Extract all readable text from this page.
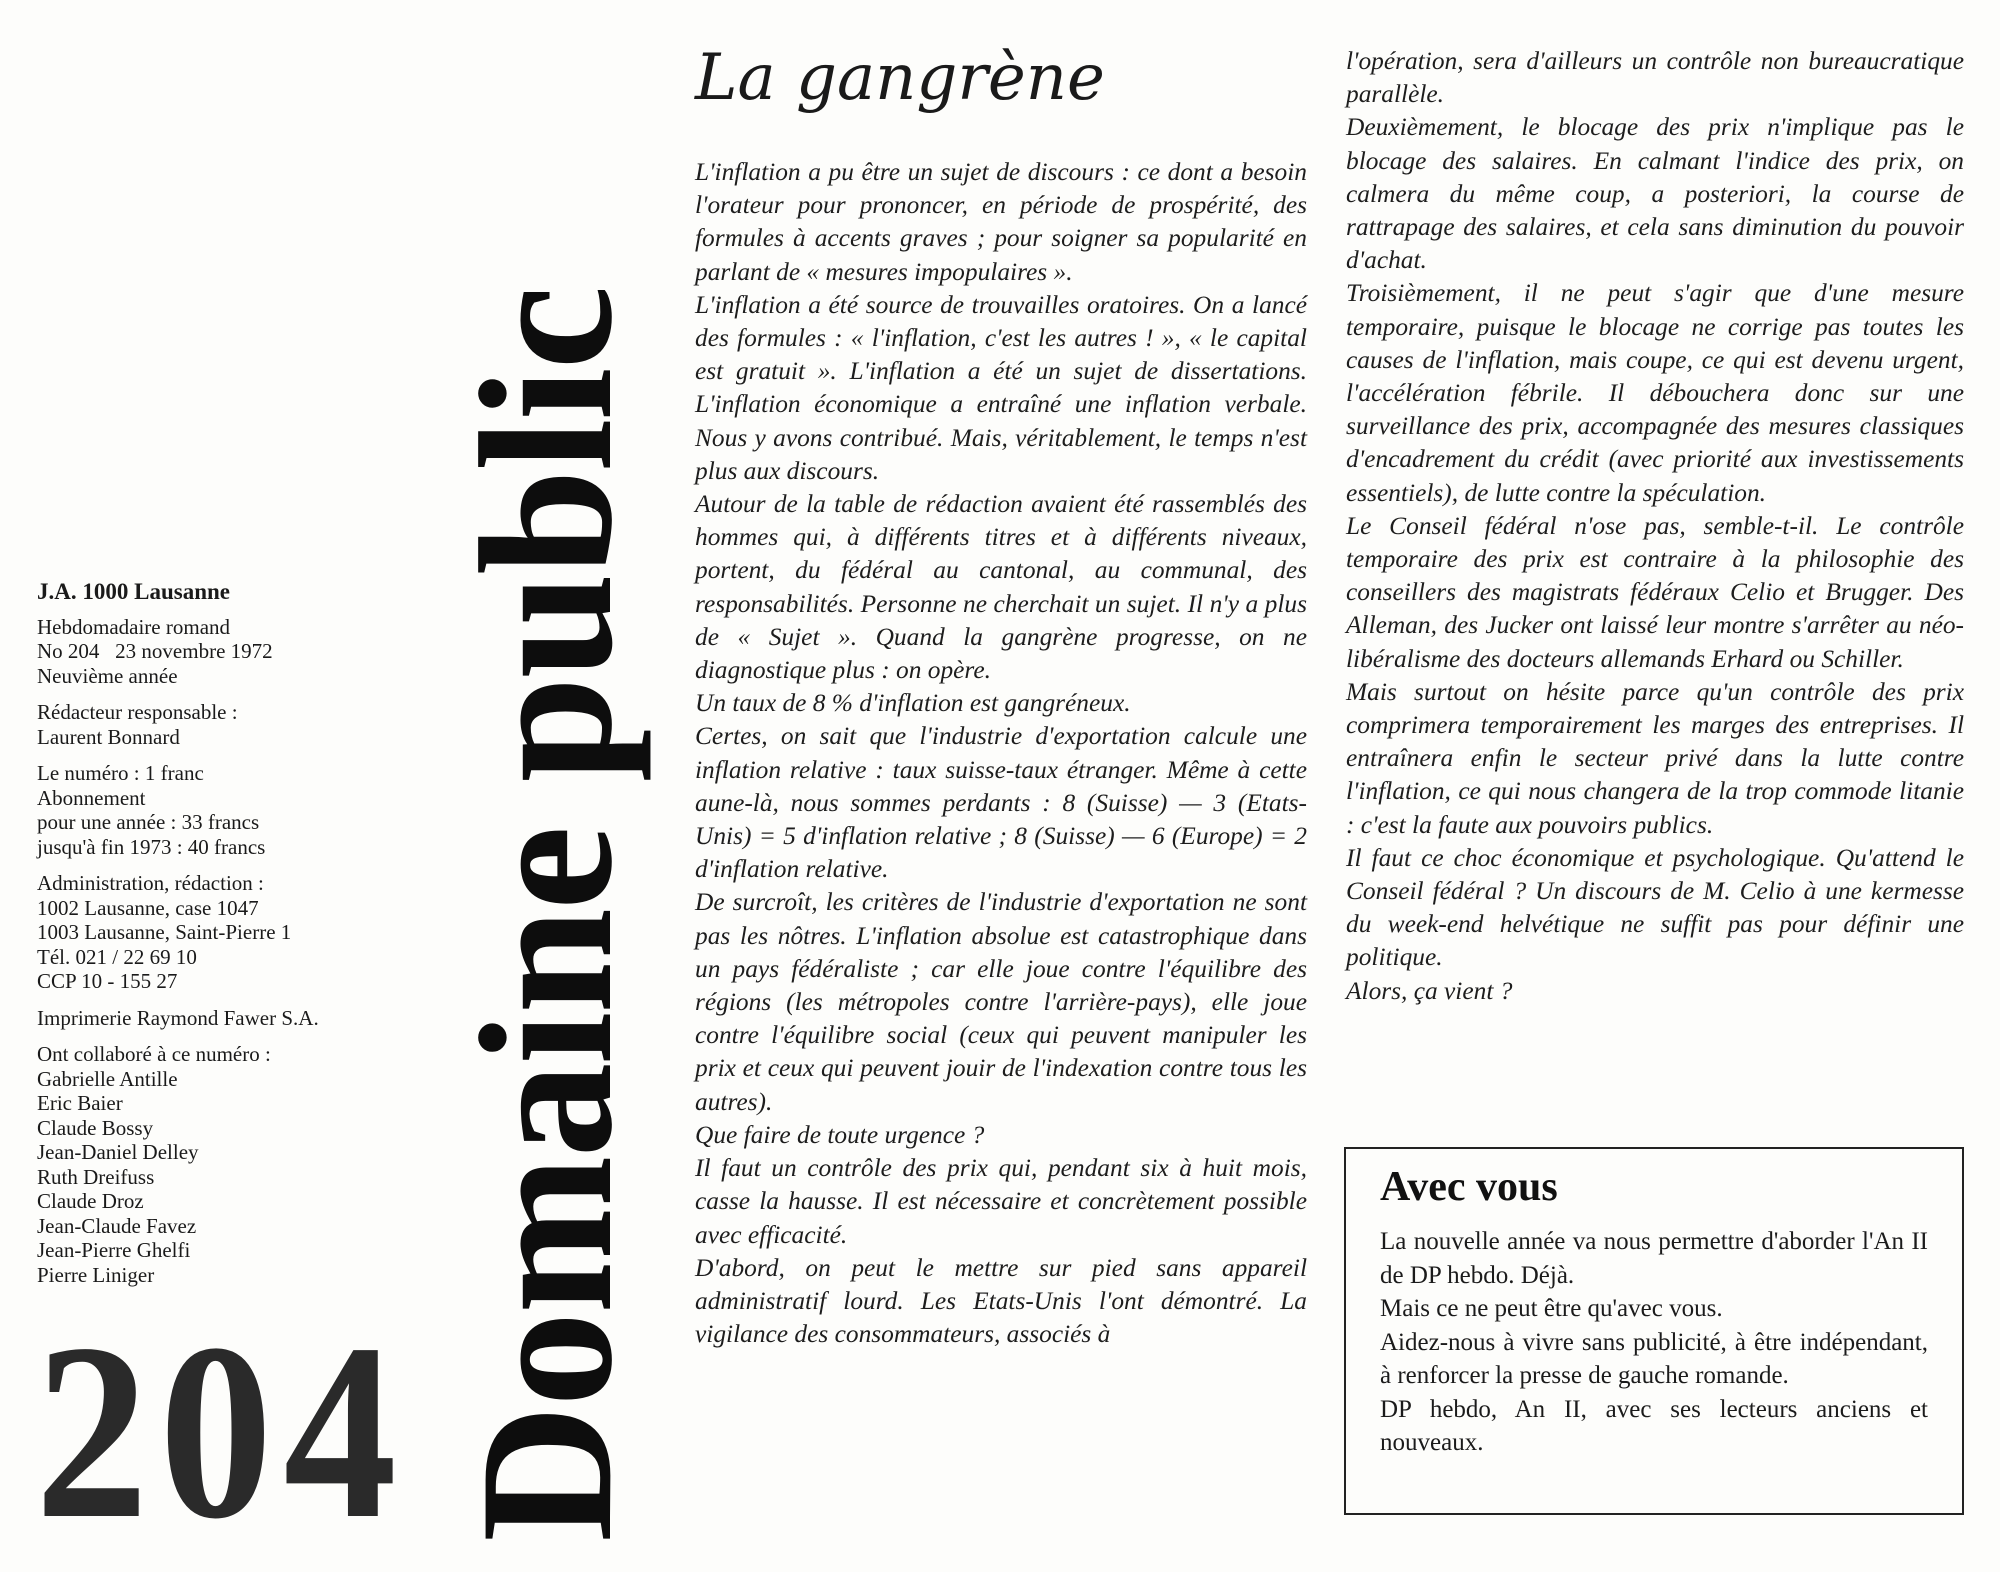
J.A. 1000 Lausanne
Hebdomadaire romand
No 204 23 novembre 1972
Neuvième année
Rédacteur responsable :
Laurent Bonnard
Le numéro : 1 franc
Abonnement
pour une année : 33 francs
jusqu'à fin 1973 : 40 francs
Administration, rédaction :
1002 Lausanne, case 1047
1003 Lausanne, Saint-Pierre 1
Tél. 021 / 22 69 10
CCP 10 - 155 27
Imprimerie Raymond Fawer S.A.
Ont collaboré à ce numéro :
Gabrielle Antille
Eric Baier
Claude Bossy
Jean-Daniel Delley
Ruth Dreifuss
Claude Droz
Jean-Claude Favez
Jean-Pierre Ghelfi
Pierre Liniger
204 Domaine public
La gangrène

L'inflation a pu être un sujet de discours : ce dont a besoin l'orateur pour prononcer, en période de prospérité, des formules à accents graves ; pour soigner sa popularité en parlant de « mesures impopulaires ».

L'inflation a été source de trouvailles oratoires. On a lancé des formules : « l'inflation, c'est les autres ! », « le capital est gratuit ». L'inflation a été un sujet de dissertations. L'inflation économique a entraîné une inflation verbale. Nous y avons contribué. Mais, véritablement, le temps n'est plus aux discours.

Autour de la table de rédaction avaient été rassemblés des hommes qui, à différents titres et à différents niveaux, portent, du fédéral au cantonal, au communal, des responsabilités. Personne ne cherchait un sujet. Il n'y a plus de « Sujet ». Quand la gangrène progresse, on ne diagnostique plus : on opère.

Un taux de 8 % d'inflation est gangréneux.

Certes, on sait que l'industrie d'exportation calcule une inflation relative : taux suisse-taux étranger. Même à cette aune-là, nous sommes perdants : 8 (Suisse) — 3 (Etats-Unis) = 5 d'inflation relative ; 8 (Suisse) — 6 (Europe) = 2 d'inflation relative.

De surcroît, les critères de l'industrie d'exportation ne sont pas les nôtres. L'inflation absolue est catastrophique dans un pays fédéraliste ; car elle joue contre l'équilibre des régions (les métropoles contre l'arrière-pays), elle joue contre l'équilibre social (ceux qui peuvent manipuler les prix et ceux qui peuvent jouir de l'indexation contre tous les autres).

Que faire de toute urgence ?

Il faut un contrôle des prix qui, pendant six à huit mois, casse la hausse. Il est nécessaire et concrètement possible avec efficacité.

D'abord, on peut le mettre sur pied sans appareil administratif lourd. Les Etats-Unis l'ont démontré. La vigilance des consommateurs, associés à

l'opération, sera d'ailleurs un contrôle non bureaucratique parallèle.

Deuxièmement, le blocage des prix n'implique pas le blocage des salaires. En calmant l'indice des prix, on calmera du même coup, a posteriori, la course de rattrapage des salaires, et cela sans diminution du pouvoir d'achat.

Troisièmement, il ne peut s'agir que d'une mesure temporaire, puisque le blocage ne corrige pas toutes les causes de l'inflation, mais coupe, ce qui est devenu urgent, l'accélération fébrile. Il débouchera donc sur une surveillance des prix, accompagnée des mesures classiques d'encadrement du crédit (avec priorité aux investissements essentiels), de lutte contre la spéculation.

Le Conseil fédéral n'ose pas, semble-t-il. Le contrôle temporaire des prix est contraire à la philosophie des conseillers des magistrats fédéraux Celio et Brugger. Des Alleman, des Jucker ont laissé leur montre s'arrêter au néo-libéralisme des docteurs allemands Erhard ou Schiller.

Mais surtout on hésite parce qu'un contrôle des prix comprimera temporairement les marges des entreprises. Il entraînera enfin le secteur privé dans la lutte contre l'inflation, ce qui nous changera de la trop commode litanie : c'est la faute aux pouvoirs publics.

Il faut ce choc économique et psychologique. Qu'attend le Conseil fédéral ? Un discours de M. Celio à une kermesse du week-end helvétique ne suffit pas pour définir une politique.

Alors, ça vient ?

Avec vous

La nouvelle année va nous permettre d'aborder l'An II de DP hebdo. Déjà.

Mais ce ne peut être qu'avec vous.

Aidez-nous à vivre sans publicité, à être indépendant, à renforcer la presse de gauche romande.

DP hebdo, An II, avec ses lecteurs anciens et nouveaux.
